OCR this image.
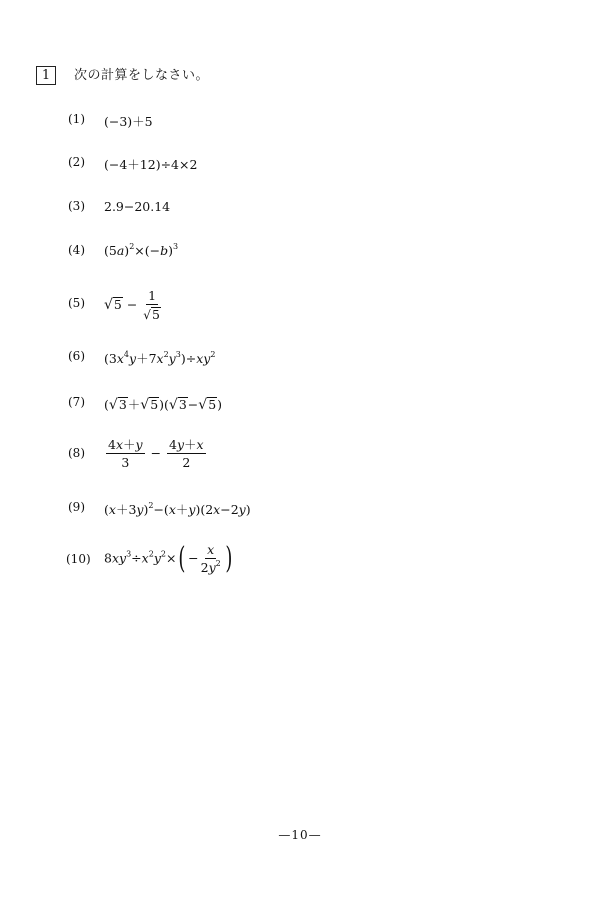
1	次の計算をしなさい。
(1)	(−3)＋5
(2)	(−4＋12)÷4×2
(3)	2.9−20.14
(4)	$(5a)^2\times(-b)^3$
(5)	$√5 - \frac{1}{√5}$
(6)	$(3x^4y+7x^2y^3)\div xy^2$
(7)	(√3＋√5)(√3−√5)
(8)	$\frac{4x+y}{3} - \frac{4y+x}{2}$
(9)	$(x+3y)^2-(x+y)(2x-2y)$
(10)	$8xy^3\div x^2y^2\times( - \frac{x}{2y^2}$ )
—10—
